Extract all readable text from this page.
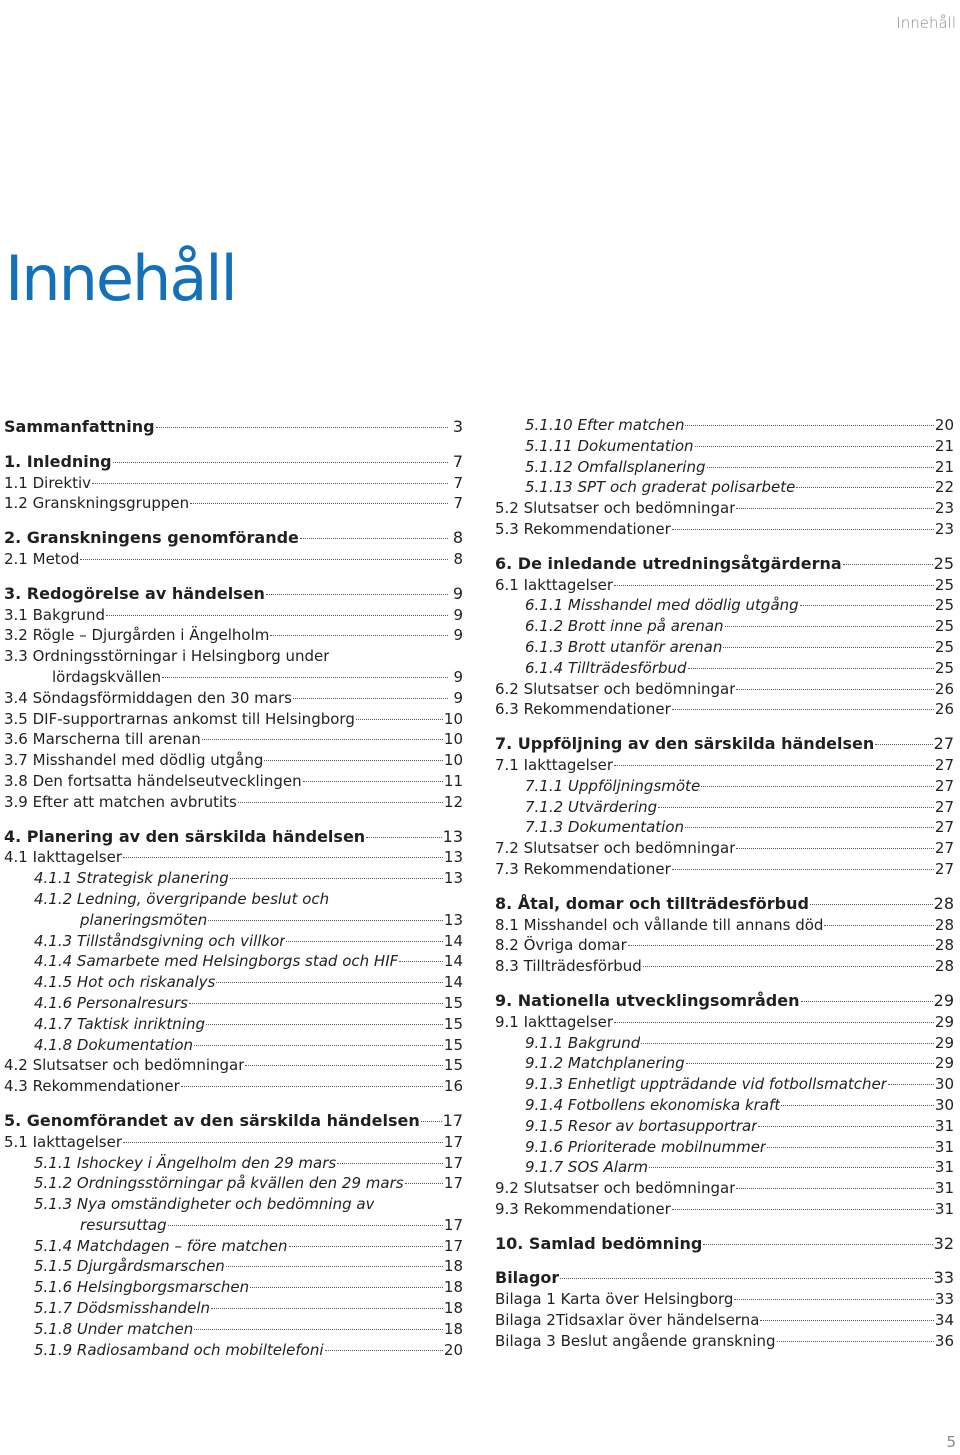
Innehåll
Innehåll
Sammanfattning	3
1. Inledning	7
1.1 Direktiv	7
1.2 Granskningsgruppen	7
2. Granskningens genomförande	8
2.1 Metod	8
3. Redogörelse av händelsen	9
3.1 Bakgrund	9
3.2 Rögle – Djurgården i Ängelholm	9
3.3 Ordningsstörningar i Helsingborg under
lördagskvällen	9
3.4 Söndagsförmiddagen den 30 mars	9
3.5 DIF-supportrarnas ankomst till Helsingborg	10
3.6 Marscherna till arenan	10
3.7 Misshandel med dödlig utgång	10
3.8 Den fortsatta händelseutvecklingen	11
3.9 Efter att matchen avbrutits	12
4. Planering av den särskilda händelsen	13
4.1 Iakttagelser	13
4.1.1 Strategisk planering	13
4.1.2 Ledning, övergripande beslut och
planeringsmöten	13
4.1.3 Tillståndsgivning och villkor	14
4.1.4 Samarbete med Helsingborgs stad och HIF	14
4.1.5 Hot och riskanalys	14
4.1.6 Personalresurs	15
4.1.7 Taktisk inriktning	15
4.1.8 Dokumentation	15
4.2 Slutsatser och bedömningar	15
4.3 Rekommendationer	16
5. Genomförandet av den särskilda händelsen 17
5.1 Iakttagelser	17
5.1.1 Ishockey i Ängelholm den 29 mars	17
5.1.2 Ordningsstörningar på kvällen den 29 mars	17
5.1.3 Nya omständigheter och bedömning av
resursuttag	17
5.1.4 Matchdagen – före matchen	17
5.1.5 Djurgårdsmarschen	18
5.1.6 Helsingborgsmarschen	18
5.1.7 Dödsmisshandeln	18
5.1.8 Under matchen	18
5.1.9 Radiosamband och mobiltelefoni	20
5.1.10 Efter matchen	20
5.1.11 Dokumentation	21
5.1.12 Omfallsplanering	21
5.1.13 SPT och graderat polisarbete	22
5.2 Slutsatser och bedömningar	23
5.3 Rekommendationer	23
6. De inledande utredningsåtgärderna	25
6.1 Iakttagelser	25
6.1.1 Misshandel med dödlig utgång	25
6.1.2 Brott inne på arenan	25
6.1.3 Brott utanför arenan	25
6.1.4 Tillträdesförbud	25
6.2 Slutsatser och bedömningar	26
6.3 Rekommendationer	26
7. Uppföljning av den särskilda händelsen	27
7.1 Iakttagelser	27
7.1.1 Uppföljningsmöte	27
7.1.2 Utvärdering	27
7.1.3 Dokumentation	27
7.2 Slutsatser och bedömningar	27
7.3 Rekommendationer	27
8. Åtal, domar och tillträdesförbud	28
8.1 Misshandel och vållande till annans död	28
8.2 Övriga domar	28
8.3 Tillträdesförbud	28
9. Nationella utvecklingsområden	29
9.1 Iakttagelser	29
9.1.1 Bakgrund	29
9.1.2 Matchplanering	29
9.1.3 Enhetligt uppträdande vid fotbollsmatcher	30
9.1.4 Fotbollens ekonomiska kraft	30
9.1.5 Resor av bortasupportrar	31
9.1.6 Prioriterade mobilnummer	31
9.1.7 SOS Alarm	31
9.2 Slutsatser och bedömningar	31
9.3 Rekommendationer	31
10. Samlad bedömning	32
Bilagor	33
Bilaga 1 Karta över Helsingborg	33
Bilaga 2Tidsaxlar över händelserna	34
Bilaga 3 Beslut angående granskning	36
5
